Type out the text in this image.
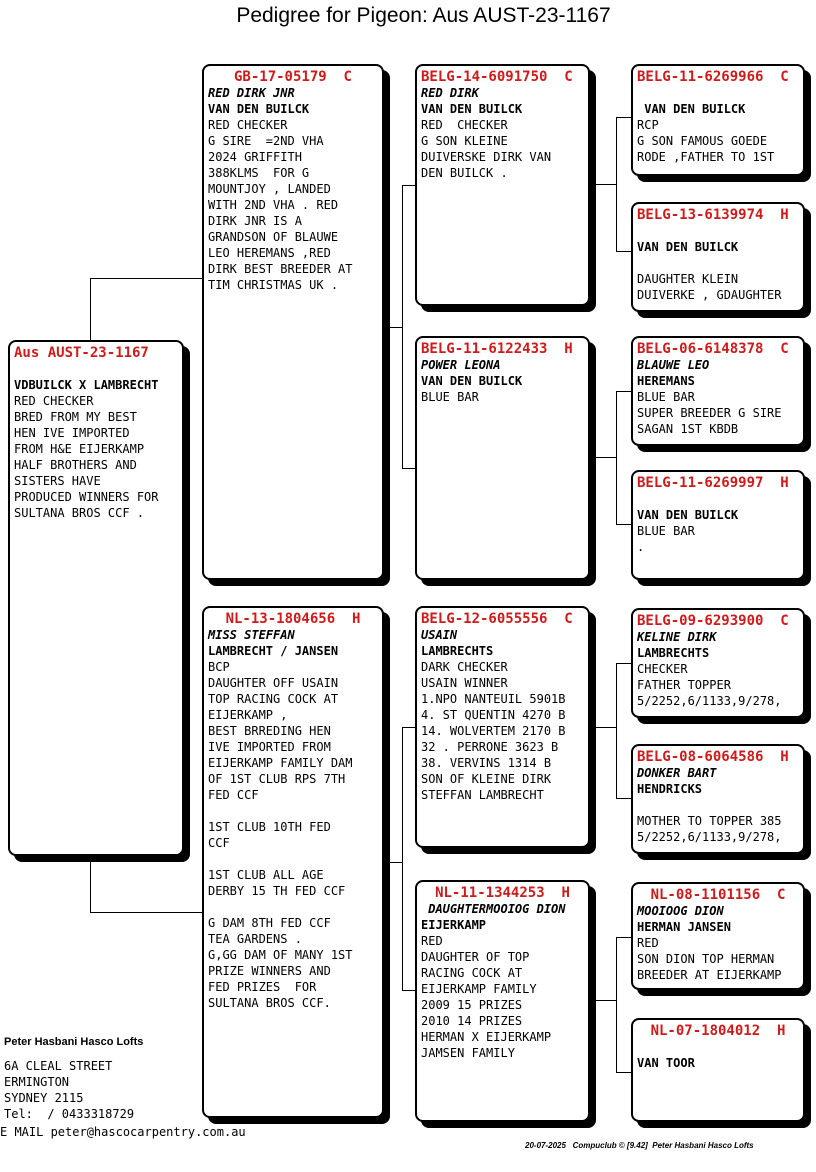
Pedigree for Pigeon: Aus AUST-23-1167
Aus AUST-23-1167
VDBUILCK X LAMBRECHT
RED CHECKER
BRED FROM MY BEST
HEN IVE IMPORTED
FROM H&E EIJERKAMP
HALF BROTHERS AND
SISTERS HAVE
PRODUCED WINNERS FOR
SULTANA BROS CCF .
GB-17-05179  C
RED DIRK JNR
VAN DEN BUILCK
RED CHECKER
G SIRE  =2ND VHA
2024 GRIFFITH
388KLMS  FOR G
MOUNTJOY , LANDED
WITH 2ND VHA . RED
DIRK JNR IS A
GRANDSON OF BLAUWE
LEO HEREMANS ,RED
DIRK BEST BREEDER AT
TIM CHRISTMAS UK .
NL-13-1804656  H
MISS STEFFAN
LAMBRECHT / JANSEN
BCP
DAUGHTER OFF USAIN
TOP RACING COCK AT
EIJERKAMP ,
BEST BRREDING HEN
IVE IMPORTED FROM
EIJERKAMP FAMILY DAM
OF 1ST CLUB RPS 7TH
FED CCF
1ST CLUB 10TH FED
CCF
1ST CLUB ALL AGE
DERBY 15 TH FED CCF
G DAM 8TH FED CCF
TEA GARDENS .
G,GG DAM OF MANY 1ST
PRIZE WINNERS AND
FED PRIZES  FOR
SULTANA BROS CCF.
BELG-14-6091750  C
RED DIRK
VAN DEN BUILCK
RED  CHECKER
G SON KLEINE
DUIVERSKE DIRK VAN
DEN BUILCK .
BELG-11-6122433  H
POWER LEONA
VAN DEN BUILCK
BLUE BAR
BELG-12-6055556  C
USAIN
LAMBRECHTS
DARK CHECKER
USAIN WINNER
1.NPO NANTEUIL 5901B
4. ST QUENTIN 4270 B
14. WOLVERTEM 2170 B
32 . PERRONE 3623 B
38. VERVINS 1314 B
SON OF KLEINE DIRK
STEFFAN LAMBRECHT
NL-11-1344253  H
DAUGHTERMOOIOG DION
EIJERKAMP
RED
DAUGHTER OF TOP
RACING COCK AT
EIJERKAMP FAMILY
2009 15 PRIZES
2010 14 PRIZES
HERMAN X EIJERKAMP
JAMSEN FAMILY
BELG-11-6269966  C
VAN DEN BUILCK
RCP
G SON FAMOUS GOEDE
RODE ,FATHER TO 1ST
BELG-13-6139974  H
VAN DEN BUILCK
DAUGHTER KLEIN
DUIVERKE , GDAUGHTER
BELG-06-6148378  C
BLAUWE LEO
HEREMANS
BLUE BAR
SUPER BREEDER G SIRE
SAGAN 1ST KBDB
BELG-11-6269997  H
VAN DEN BUILCK
BLUE BAR
.
BELG-09-6293900  C
KELINE DIRK
LAMBRECHTS
CHECKER
FATHER TOPPER
5/2252,6/1133,9/278,
BELG-08-6064586  H
DONKER BART
HENDRICKS
MOTHER TO TOPPER 385
5/2252,6/1133,9/278,
NL-08-1101156  C
MOOIOOG DION
HERMAN JANSEN
RED
SON DION TOP HERMAN
BREEDER AT EIJERKAMP
NL-07-1804012  H
VAN TOOR
Peter Hasbani Hasco Lofts
6A CLEAL STREET
ERMINGTON
SYDNEY 2115
Tel:  / 0433318729
E MAIL peter@hascocarpentry.com.au
20-07-2025   Compuclub © [9.42]  Peter Hasbani Hasco Lofts
